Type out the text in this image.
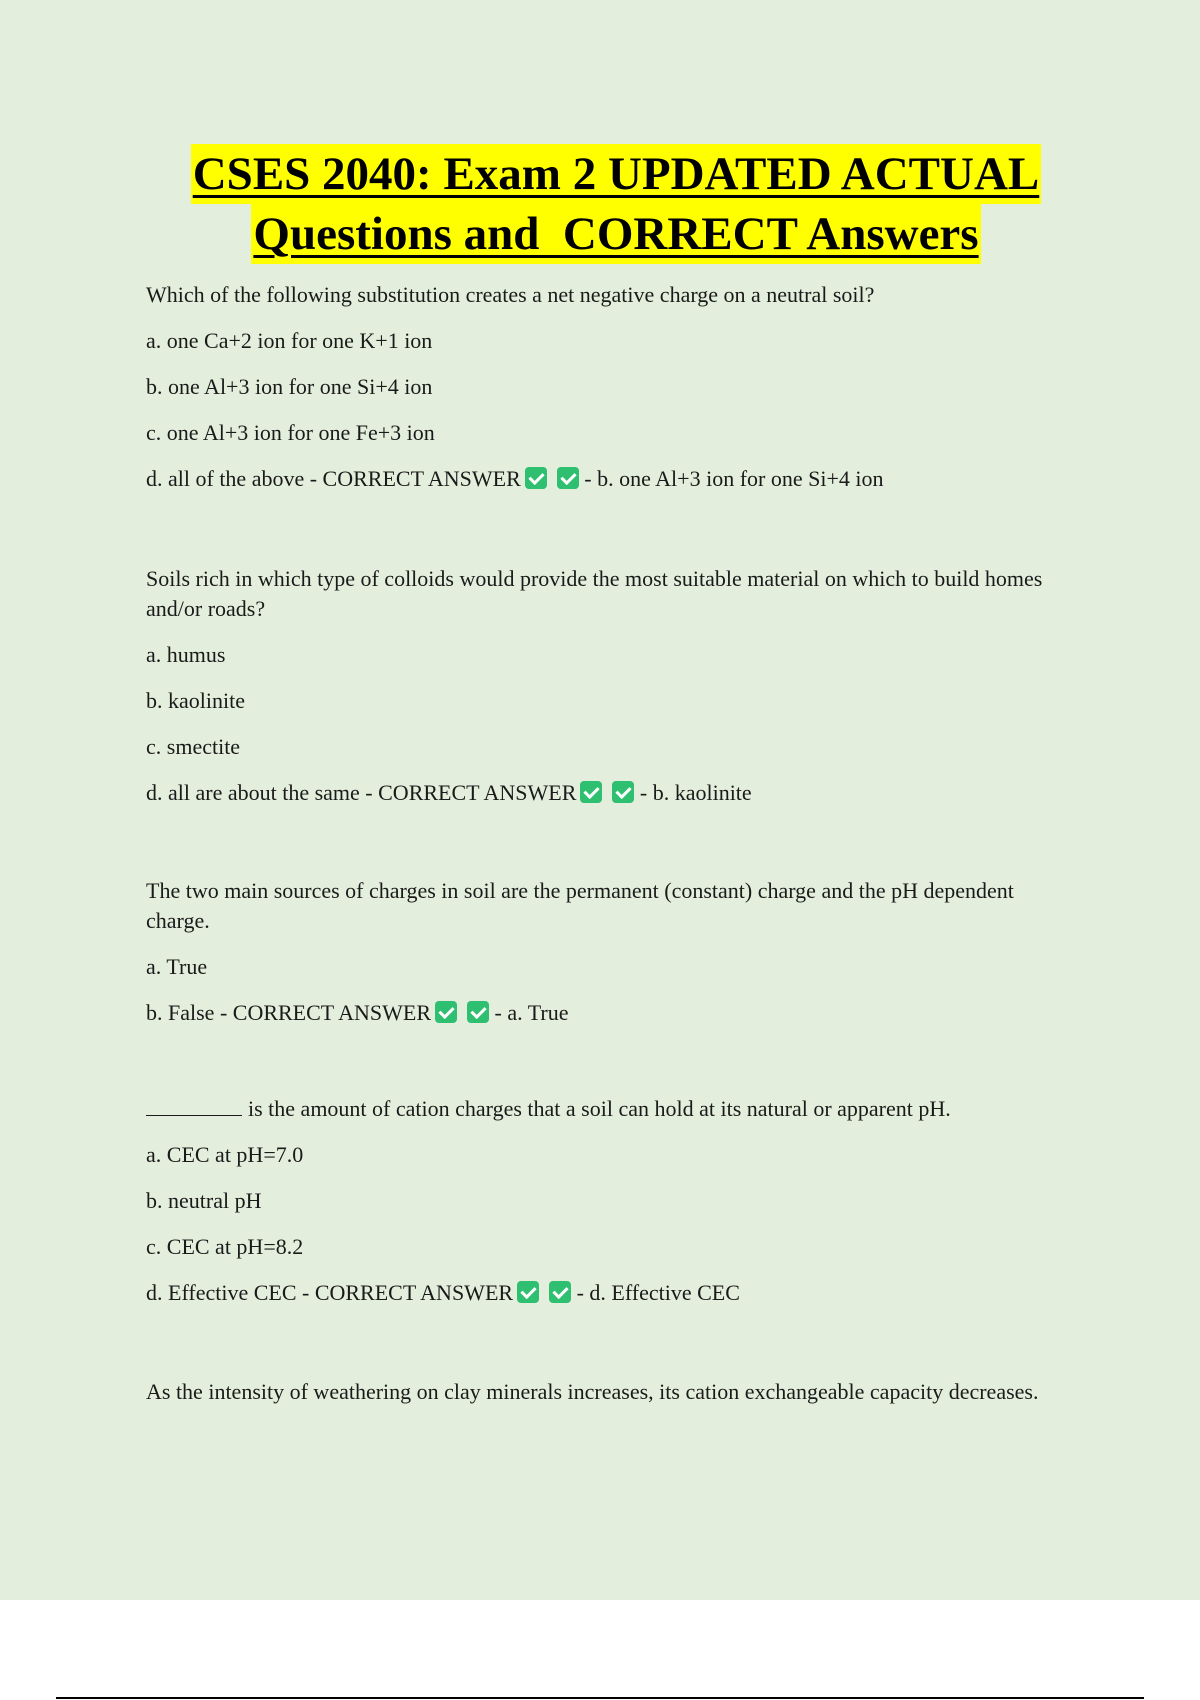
CSES 2040: Exam 2 UPDATED ACTUAL
Questions and  CORRECT Answers

Which of the following substitution creates a net negative charge on a neutral soil?

a. one Ca+2 ion for one K+1 ion

b. one Al+3 ion for one Si+4 ion

c. one Al+3 ion for one Fe+3 ion

d. all of the above - CORRECT ANSWER	- b. one Al+3 ion for one Si+4 ion

Soils rich in which type of colloids would provide the most suitable material on which to build homes and/or roads?

a. humus

b. kaolinite

c. smectite

d. all are about the same - CORRECT ANSWER	- b. kaolinite

The two main sources of charges in soil are the permanent (constant) charge and the pH dependent charge.

a. True

b. False - CORRECT ANSWER	- a. True

is the amount of cation charges that a soil can hold at its natural or apparent pH.

a. CEC at pH=7.0

b. neutral pH

c. CEC at pH=8.2

d. Effective CEC - CORRECT ANSWER	- d. Effective CEC

As the intensity of weathering on clay minerals increases, its cation exchangeable capacity decreases.
